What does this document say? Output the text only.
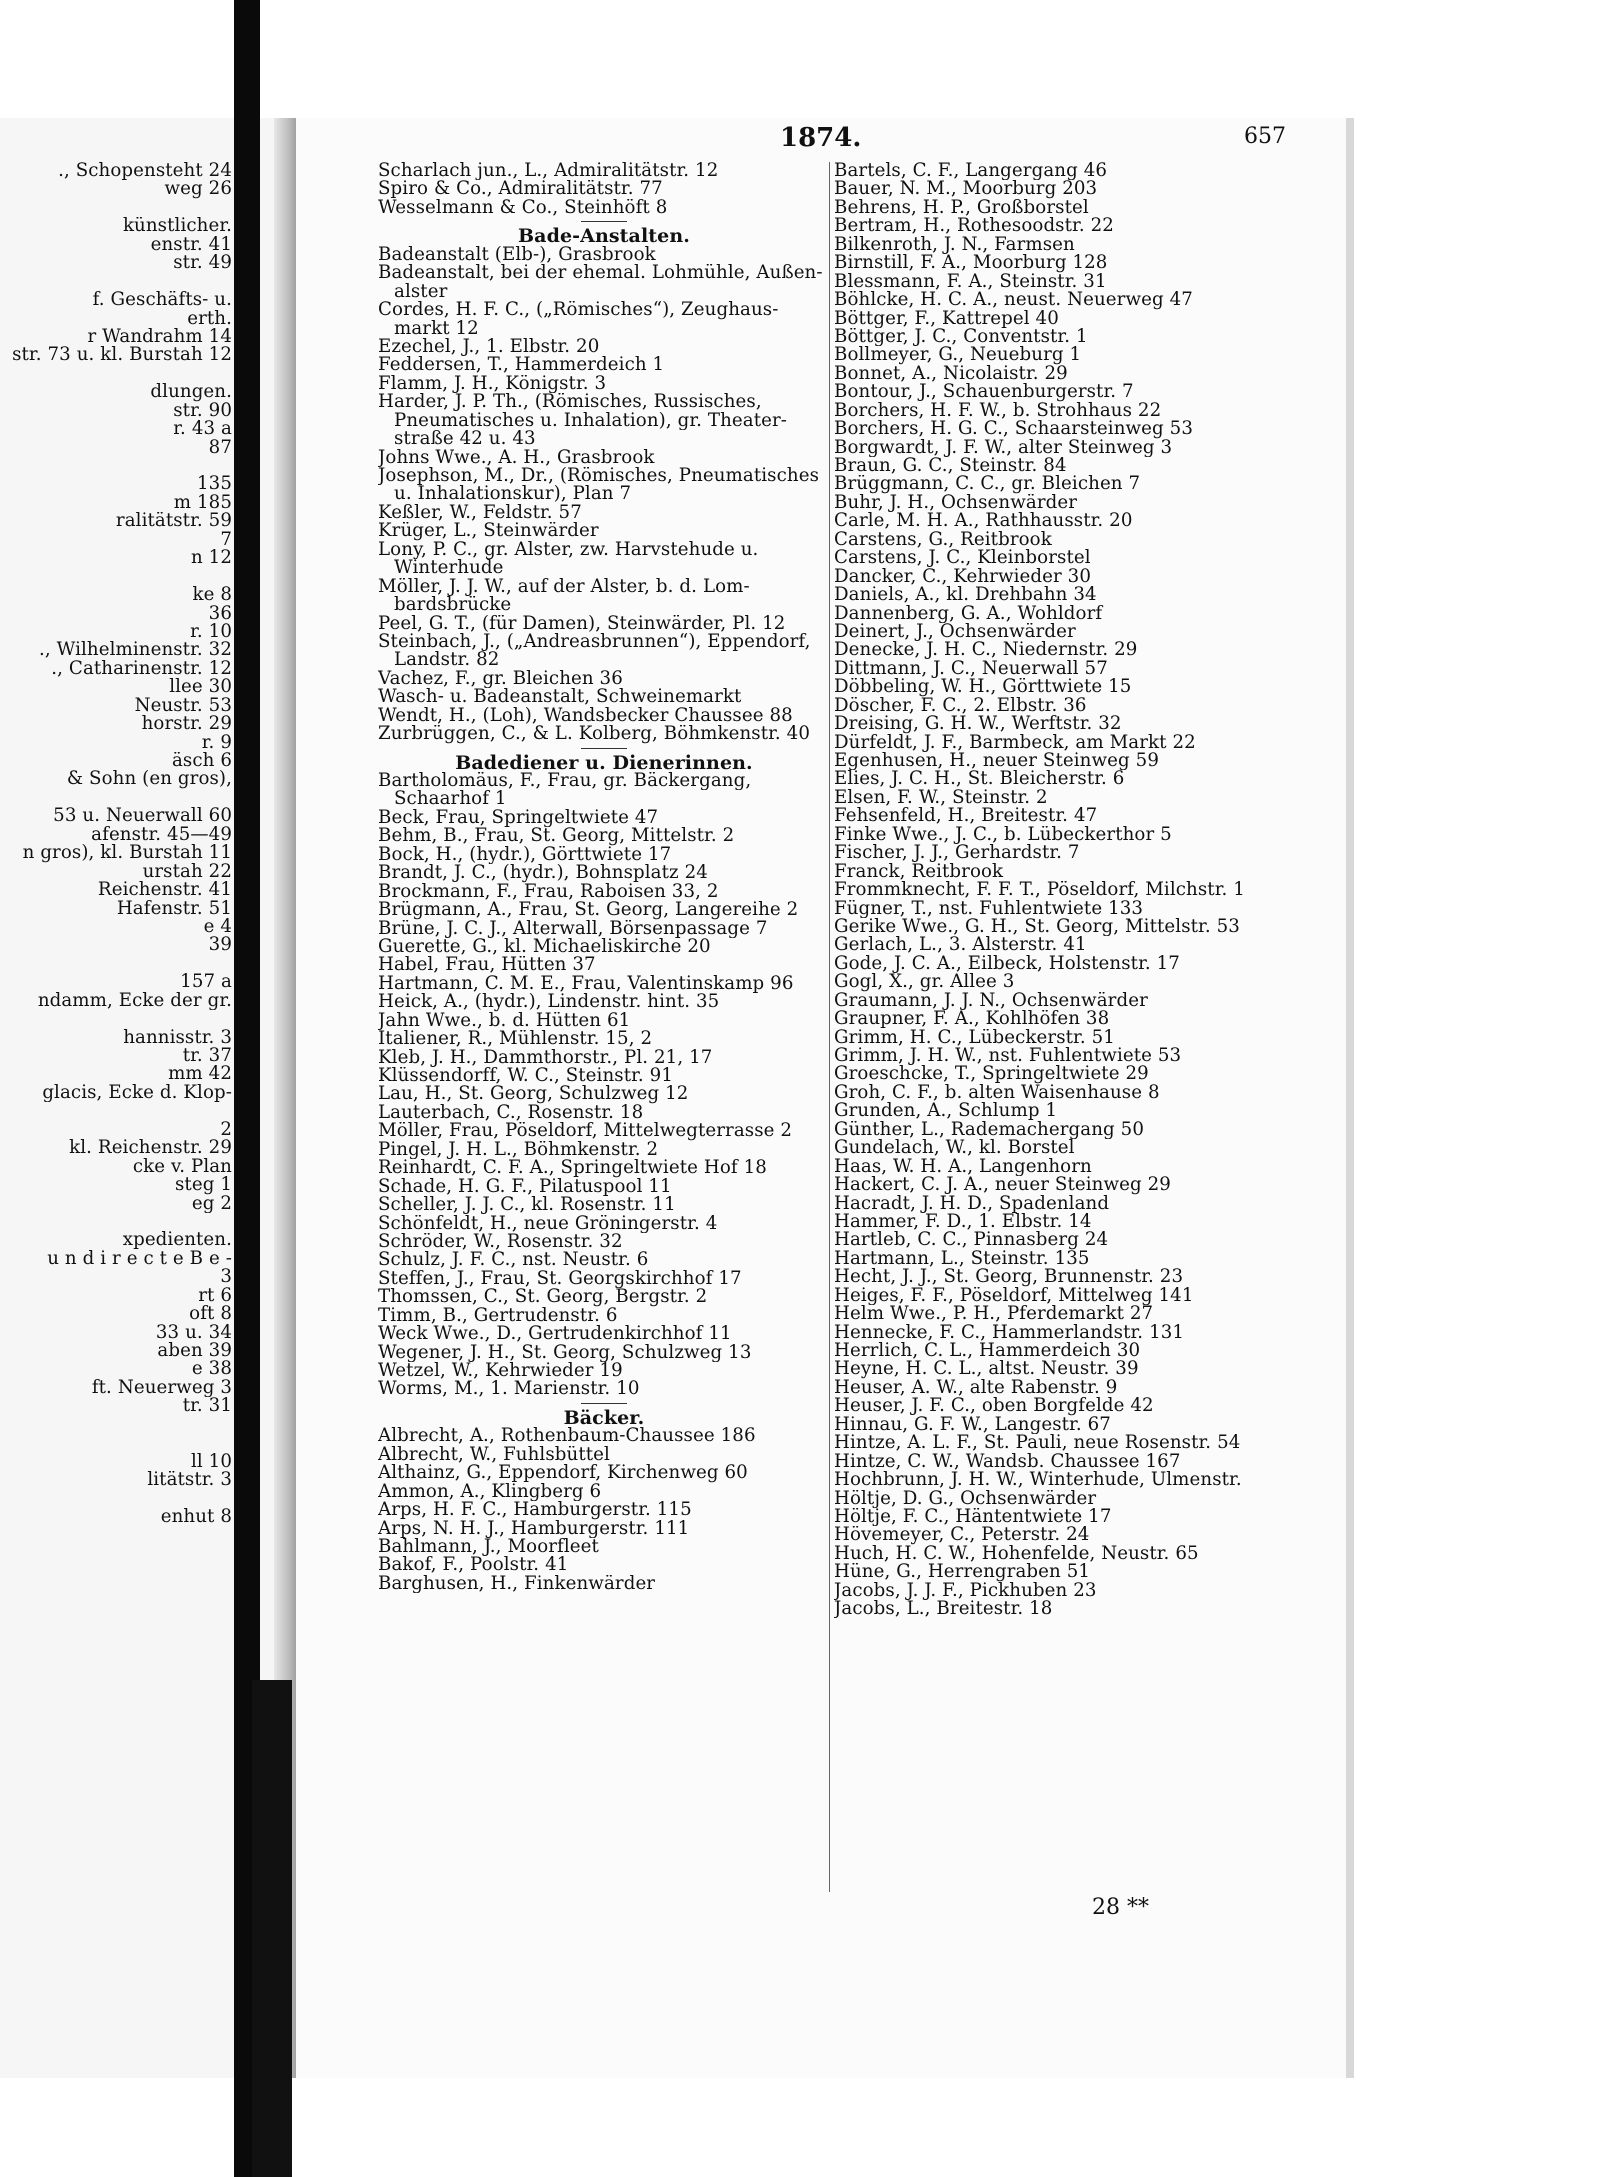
1874.	657
., Schopensteht 24
weg 26
künstlicher.
enstr. 41
str. 49
f. Geschäfts- u.
erth.
r Wandrahm 14
str. 73 u. kl. Burstah 12
dlungen.
str. 90
r. 43 a
87
135
m 185
ralitätstr. 59
7
n 12
ke 8
36
r. 10
., Wilhelminenstr. 32
., Catharinenstr. 12
llee 30
Neustr. 53
horstr. 29
r. 9
äsch 6
& Sohn (en gros),
53 u. Neuerwall 60
afenstr. 45—49
n gros), kl. Burstah 11
urstah 22
Reichenstr. 41
Hafenstr. 51
e 4
39
157 a
ndamm, Ecke der gr.
hannisstr. 3
tr. 37
mm 42
glacis, Ecke d. Klop-
2
kl. Reichenstr. 29
cke v. Plan
steg 1
eg 2
xpedienten.
u n d i r e c t e B e -
3
rt 6
oft 8
33 u. 34
aben 39
e 38
ft. Neuerweg 3
tr. 31
ll 10
litätstr. 3
enhut 8
Scharlach jun., L., Admiralitätstr. 12
Spiro & Co., Admiralitätstr. 77
Wesselmann & Co., Steinhöft 8
Bade-Anstalten.
Badeanstalt (Elb-), Grasbrook
Badeanstalt, bei der ehemal. Lohmühle, Außen-
alster
Cordes, H. F. C., („Römisches“), Zeughaus-
markt 12
Ezechel, J., 1. Elbstr. 20
Feddersen, T., Hammerdeich 1
Flamm, J. H., Königstr. 3
Harder, J. P. Th., (Römisches, Russisches,
Pneumatisches u. Inhalation), gr. Theater-
straße 42 u. 43
Johns Wwe., A. H., Grasbrook
Josephson, M., Dr., (Römisches, Pneumatisches
u. Inhalationskur), Plan 7
Keßler, W., Feldstr. 57
Krüger, L., Steinwärder
Lony, P. C., gr. Alster, zw. Harvstehude u.
Winterhude
Möller, J. J. W., auf der Alster, b. d. Lom-
bardsbrücke
Peel, G. T., (für Damen), Steinwärder, Pl. 12
Steinbach, J., („Andreasbrunnen“), Eppendorf,
Landstr. 82
Vachez, F., gr. Bleichen 36
Wasch- u. Badeanstalt, Schweinemarkt
Wendt, H., (Loh), Wandsbecker Chaussee 88
Zurbrüggen, C., & L. Kolberg, Böhmkenstr. 40
Badediener u. Dienerinnen.
Bartholomäus, F., Frau, gr. Bäckergang,
Schaarhof 1
Beck, Frau, Springeltwiete 47
Behm, B., Frau, St. Georg, Mittelstr. 2
Bock, H., (hydr.), Görttwiete 17
Brandt, J. C., (hydr.), Bohnsplatz 24
Brockmann, F., Frau, Raboisen 33, 2
Brügmann, A., Frau, St. Georg, Langereihe 2
Brüne, J. C. J., Alterwall, Börsenpassage 7
Guerette, G., kl. Michaeliskirche 20
Habel, Frau, Hütten 37
Hartmann, C. M. E., Frau, Valentinskamp 96
Heick, A., (hydr.), Lindenstr. hint. 35
Jahn Wwe., b. d. Hütten 61
Italiener, R., Mühlenstr. 15, 2
Kleb, J. H., Dammthorstr., Pl. 21, 17
Klüssendorff, W. C., Steinstr. 91
Lau, H., St. Georg, Schulzweg 12
Lauterbach, C., Rosenstr. 18
Möller, Frau, Pöseldorf, Mittelwegterrasse 2
Pingel, J. H. L., Böhmkenstr. 2
Reinhardt, C. F. A., Springeltwiete Hof 18
Schade, H. G. F., Pilatuspool 11
Scheller, J. J. C., kl. Rosenstr. 11
Schönfeldt, H., neue Gröningerstr. 4
Schröder, W., Rosenstr. 32
Schulz, J. F. C., nst. Neustr. 6
Steffen, J., Frau, St. Georgskirchhof 17
Thomssen, C., St. Georg, Bergstr. 2
Timm, B., Gertrudenstr. 6
Weck Wwe., D., Gertrudenkirchhof 11
Wegener, J. H., St. Georg, Schulzweg 13
Wetzel, W., Kehrwieder 19
Worms, M., 1. Marienstr. 10
Bäcker.
Albrecht, A., Rothenbaum-Chaussee 186
Albrecht, W., Fuhlsbüttel
Althainz, G., Eppendorf, Kirchenweg 60
Ammon, A., Klingberg 6
Arps, H. F. C., Hamburgerstr. 115
Arps, N. H. J., Hamburgerstr. 111
Bahlmann, J., Moorfleet
Bakof, F., Poolstr. 41
Barghusen, H., Finkenwärder
Bartels, C. F., Langergang 46
Bauer, N. M., Moorburg 203
Behrens, H. P., Großborstel
Bertram, H., Rothesoodstr. 22
Bilkenroth, J. N., Farmsen
Birnstill, F. A., Moorburg 128
Blessmann, F. A., Steinstr. 31
Böhlcke, H. C. A., neust. Neuerweg 47
Böttger, F., Kattrepel 40
Böttger, J. C., Conventstr. 1
Bollmeyer, G., Neueburg 1
Bonnet, A., Nicolaistr. 29
Bontour, J., Schauenburgerstr. 7
Borchers, H. F. W., b. Strohhaus 22
Borchers, H. G. C., Schaarsteinweg 53
Borgwardt, J. F. W., alter Steinweg 3
Braun, G. C., Steinstr. 84
Brüggmann, C. C., gr. Bleichen 7
Buhr, J. H., Ochsenwärder
Carle, M. H. A., Rathhausstr. 20
Carstens, G., Reitbrook
Carstens, J. C., Kleinborstel
Dancker, C., Kehrwieder 30
Daniels, A., kl. Drehbahn 34
Dannenberg, G. A., Wohldorf
Deinert, J., Ochsenwärder
Denecke, J. H. C., Niedernstr. 29
Dittmann, J. C., Neuerwall 57
Döbbeling, W. H., Görttwiete 15
Döscher, F. C., 2. Elbstr. 36
Dreising, G. H. W., Werftstr. 32
Dürfeldt, J. F., Barmbeck, am Markt 22
Egenhusen, H., neuer Steinweg 59
Elies, J. C. H., St. Bleicherstr. 6
Elsen, F. W., Steinstr. 2
Fehsenfeld, H., Breitestr. 47
Finke Wwe., J. C., b. Lübeckerthor 5
Fischer, J. J., Gerhardstr. 7
Franck, Reitbrook
Frommknecht, F. F. T., Pöseldorf, Milchstr. 1
Fügner, T., nst. Fuhlentwiete 133
Gerike Wwe., G. H., St. Georg, Mittelstr. 53
Gerlach, L., 3. Alsterstr. 41
Gode, J. C. A., Eilbeck, Holstenstr. 17
Gogl, X., gr. Allee 3
Graumann, J. J. N., Ochsenwärder
Graupner, F. A., Kohlhöfen 38
Grimm, H. C., Lübeckerstr. 51
Grimm, J. H. W., nst. Fuhlentwiete 53
Groeschcke, T., Springeltwiete 29
Groh, C. F., b. alten Waisenhause 8
Grunden, A., Schlump 1
Günther, L., Rademachergang 50
Gundelach, W., kl. Borstel
Haas, W. H. A., Langenhorn
Hackert, C. J. A., neuer Steinweg 29
Hacradt, J. H. D., Spadenland
Hammer, F. D., 1. Elbstr. 14
Hartleb, C. C., Pinnasberg 24
Hartmann, L., Steinstr. 135
Hecht, J. J., St. Georg, Brunnenstr. 23
Heiges, F. F., Pöseldorf, Mittelweg 141
Helm Wwe., P. H., Pferdemarkt 27
Hennecke, F. C., Hammerlandstr. 131
Herrlich, C. L., Hammerdeich 30
Heyne, H. C. L., altst. Neustr. 39
Heuser, A. W., alte Rabenstr. 9
Heuser, J. F. C., oben Borgfelde 42
Hinnau, G. F. W., Langestr. 67
Hintze, A. L. F., St. Pauli, neue Rosenstr. 54
Hintze, C. W., Wandsb. Chaussee 167
Hochbrunn, J. H. W., Winterhude, Ulmenstr.
Höltje, D. G., Ochsenwärder
Höltje, F. C., Häntentwiete 17
Hövemeyer, C., Peterstr. 24
Huch, H. C. W., Hohenfelde, Neustr. 65
Hüne, G., Herrengraben 51
Jacobs, J. J. F., Pickhuben 23
Jacobs, L., Breitestr. 18
28 **
